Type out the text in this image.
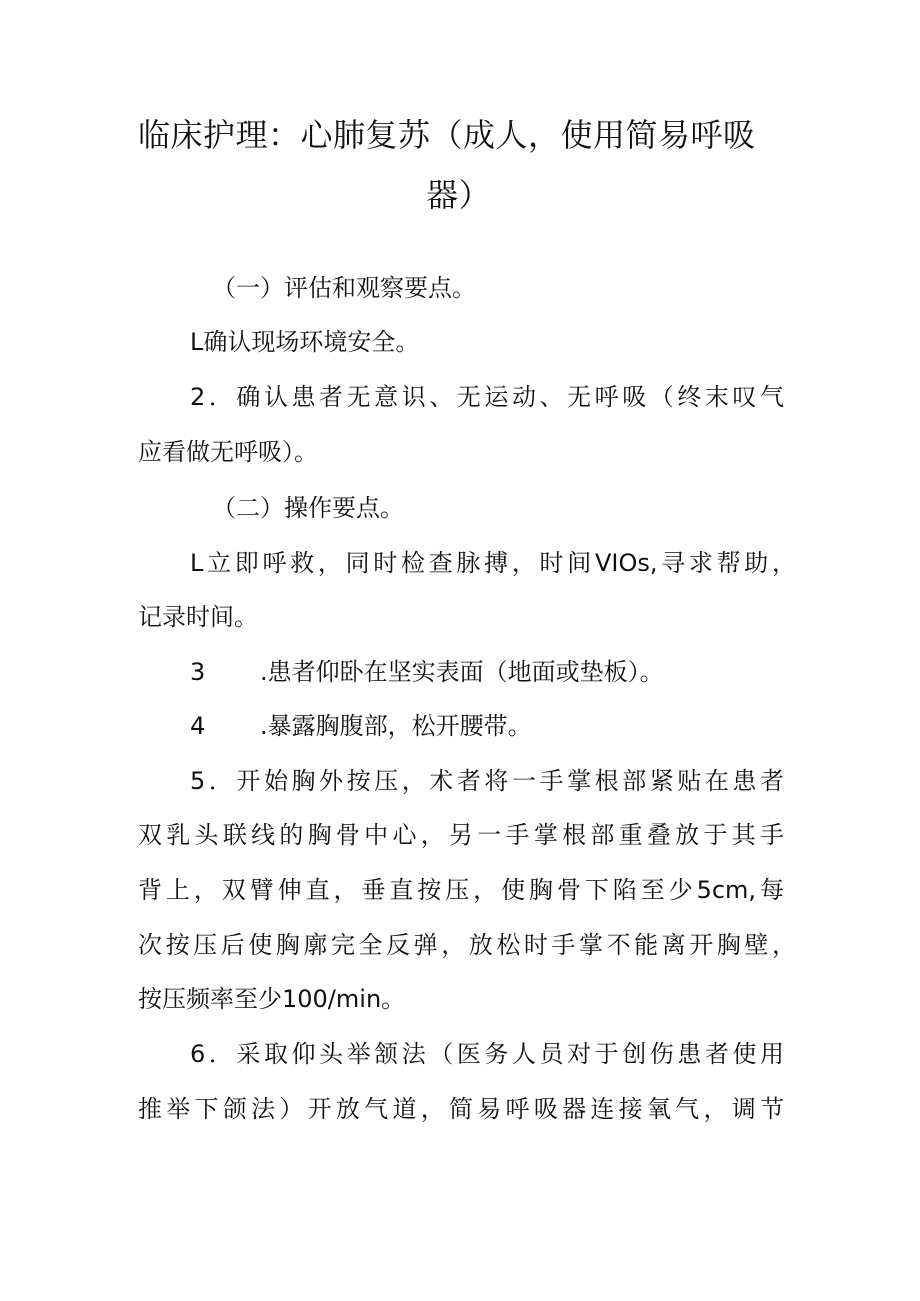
临床护理：心肺复苏（成人，使用简易呼吸
器）
（一）评估和观察要点。
L确认现场环境安全。
2．确认患者无意识、无运动、无呼吸（终末叹气
应看做无呼吸）。
（二）操作要点。
L立即呼救，同时检查脉搏，时间VIOs,寻求帮助，
记录时间。
3 .患者仰卧在坚实表面（地面或垫板）。
4 .暴露胸腹部，松开腰带。
5．开始胸外按压，术者将一手掌根部紧贴在患者
双乳头联线的胸骨中心，另一手掌根部重叠放于其手
背上，双臂伸直，垂直按压，使胸骨下陷至少5cm,每
次按压后使胸廓完全反弹，放松时手掌不能离开胸壁，
按压频率至少100∕min。
6．采取仰头举颔法（医务人员对于创伤患者使用
推举下颌法）开放气道，简易呼吸器连接氧气，调节
